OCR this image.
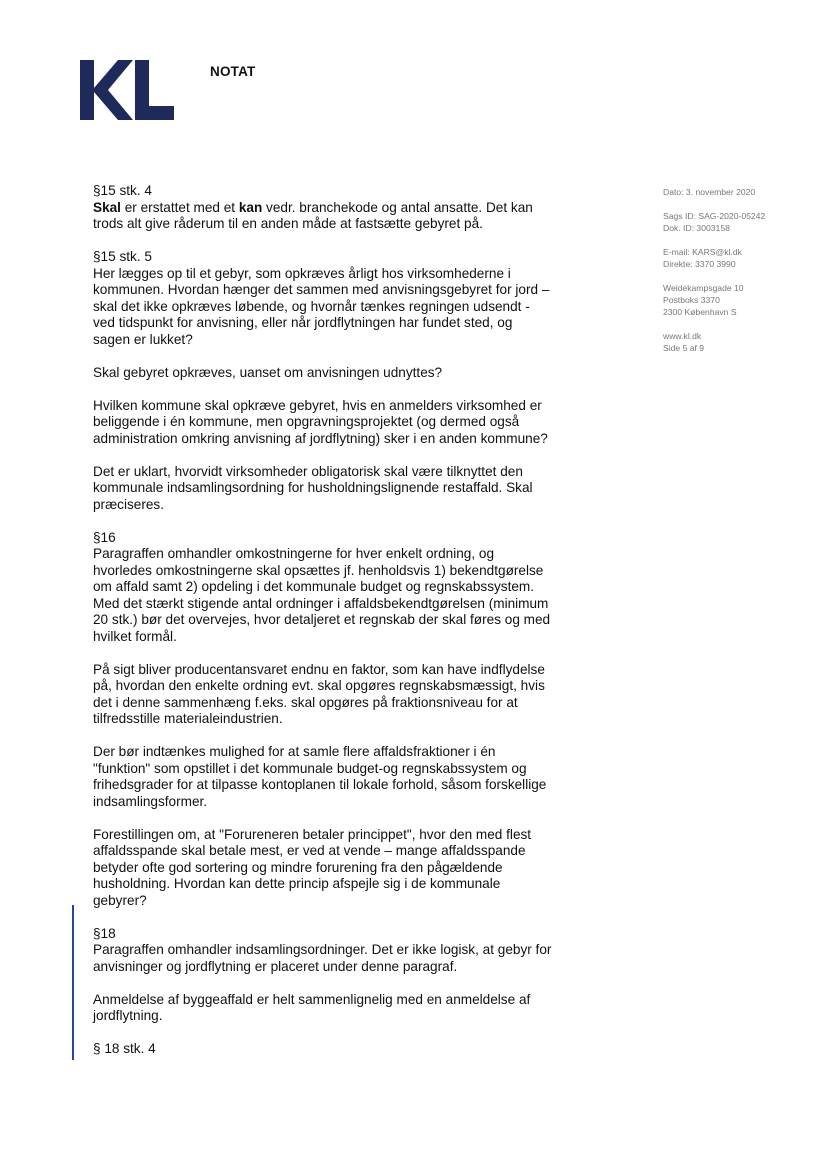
NOTAT
Dato: 3. november 2020
Sags ID: SAG-2020-05242
Dok. ID: 3003158
E-mail: KARS@kl.dk
Direkte: 3370 3990
Weidekampsgade 10
Postboks 3370
2300 København S
www.kl.dk
Side 5 af 9

§15 stk. 4
Skal er erstattet med et kan vedr. branchekode og antal ansatte. Det kan trods alt give råderum til en anden måde at fastsætte gebyret på.

§15 stk. 5
Her lægges op til et gebyr, som opkræves årligt hos virksomhederne i kommunen. Hvordan hænger det sammen med anvisningsgebyret for jord – skal det ikke opkræves løbende, og hvornår tænkes regningen udsendt - ved tidspunkt for anvisning, eller når jordflytningen har fundet sted, og sagen er lukket?

Skal gebyret opkræves, uanset om anvisningen udnyttes?

Hvilken kommune skal opkræve gebyret, hvis en anmelders virksomhed er beliggende i én kommune, men opgravningsprojektet (og dermed også administration omkring anvisning af jordflytning) sker i en anden kommune?

Det er uklart, hvorvidt virksomheder obligatorisk skal være tilknyttet den kommunale indsamlingsordning for husholdningslignende restaffald. Skal præciseres.

§16
Paragraffen omhandler omkostningerne for hver enkelt ordning, og hvorledes omkostningerne skal opsættes jf. henholdsvis 1) bekendtgørelse om affald samt 2) opdeling i det kommunale budget og regnskabssystem. Med det stærkt stigende antal ordninger i affaldsbekendtgørelsen (minimum 20 stk.) bør det overvejes, hvor detaljeret et regnskab der skal føres og med hvilket formål.

På sigt bliver producentansvaret endnu en faktor, som kan have indflydelse på, hvordan den enkelte ordning evt. skal opgøres regnskabsmæssigt, hvis det i denne sammenhæng f.eks. skal opgøres på fraktionsniveau for at tilfredsstille materialeindustrien.

Der bør indtænkes mulighed for at samle flere affaldsfraktioner i én "funktion" som opstillet i det kommunale budget-og regnskabssystem og frihedsgrader for at tilpasse kontoplanen til lokale forhold, såsom forskellige indsamlingsformer.

Forestillingen om, at "Forureneren betaler princippet", hvor den med flest affaldsspande skal betale mest, er ved at vende – mange affaldsspande betyder ofte god sortering og mindre forurening fra den pågældende husholdning. Hvordan kan dette princip afspejle sig i de kommunale gebyrer?

§18
Paragraffen omhandler indsamlingsordninger. Det er ikke logisk, at gebyr for anvisninger og jordflytning er placeret under denne paragraf.

Anmeldelse af byggeaffald er helt sammenlignelig med en anmeldelse af jordflytning.

§ 18 stk. 4
